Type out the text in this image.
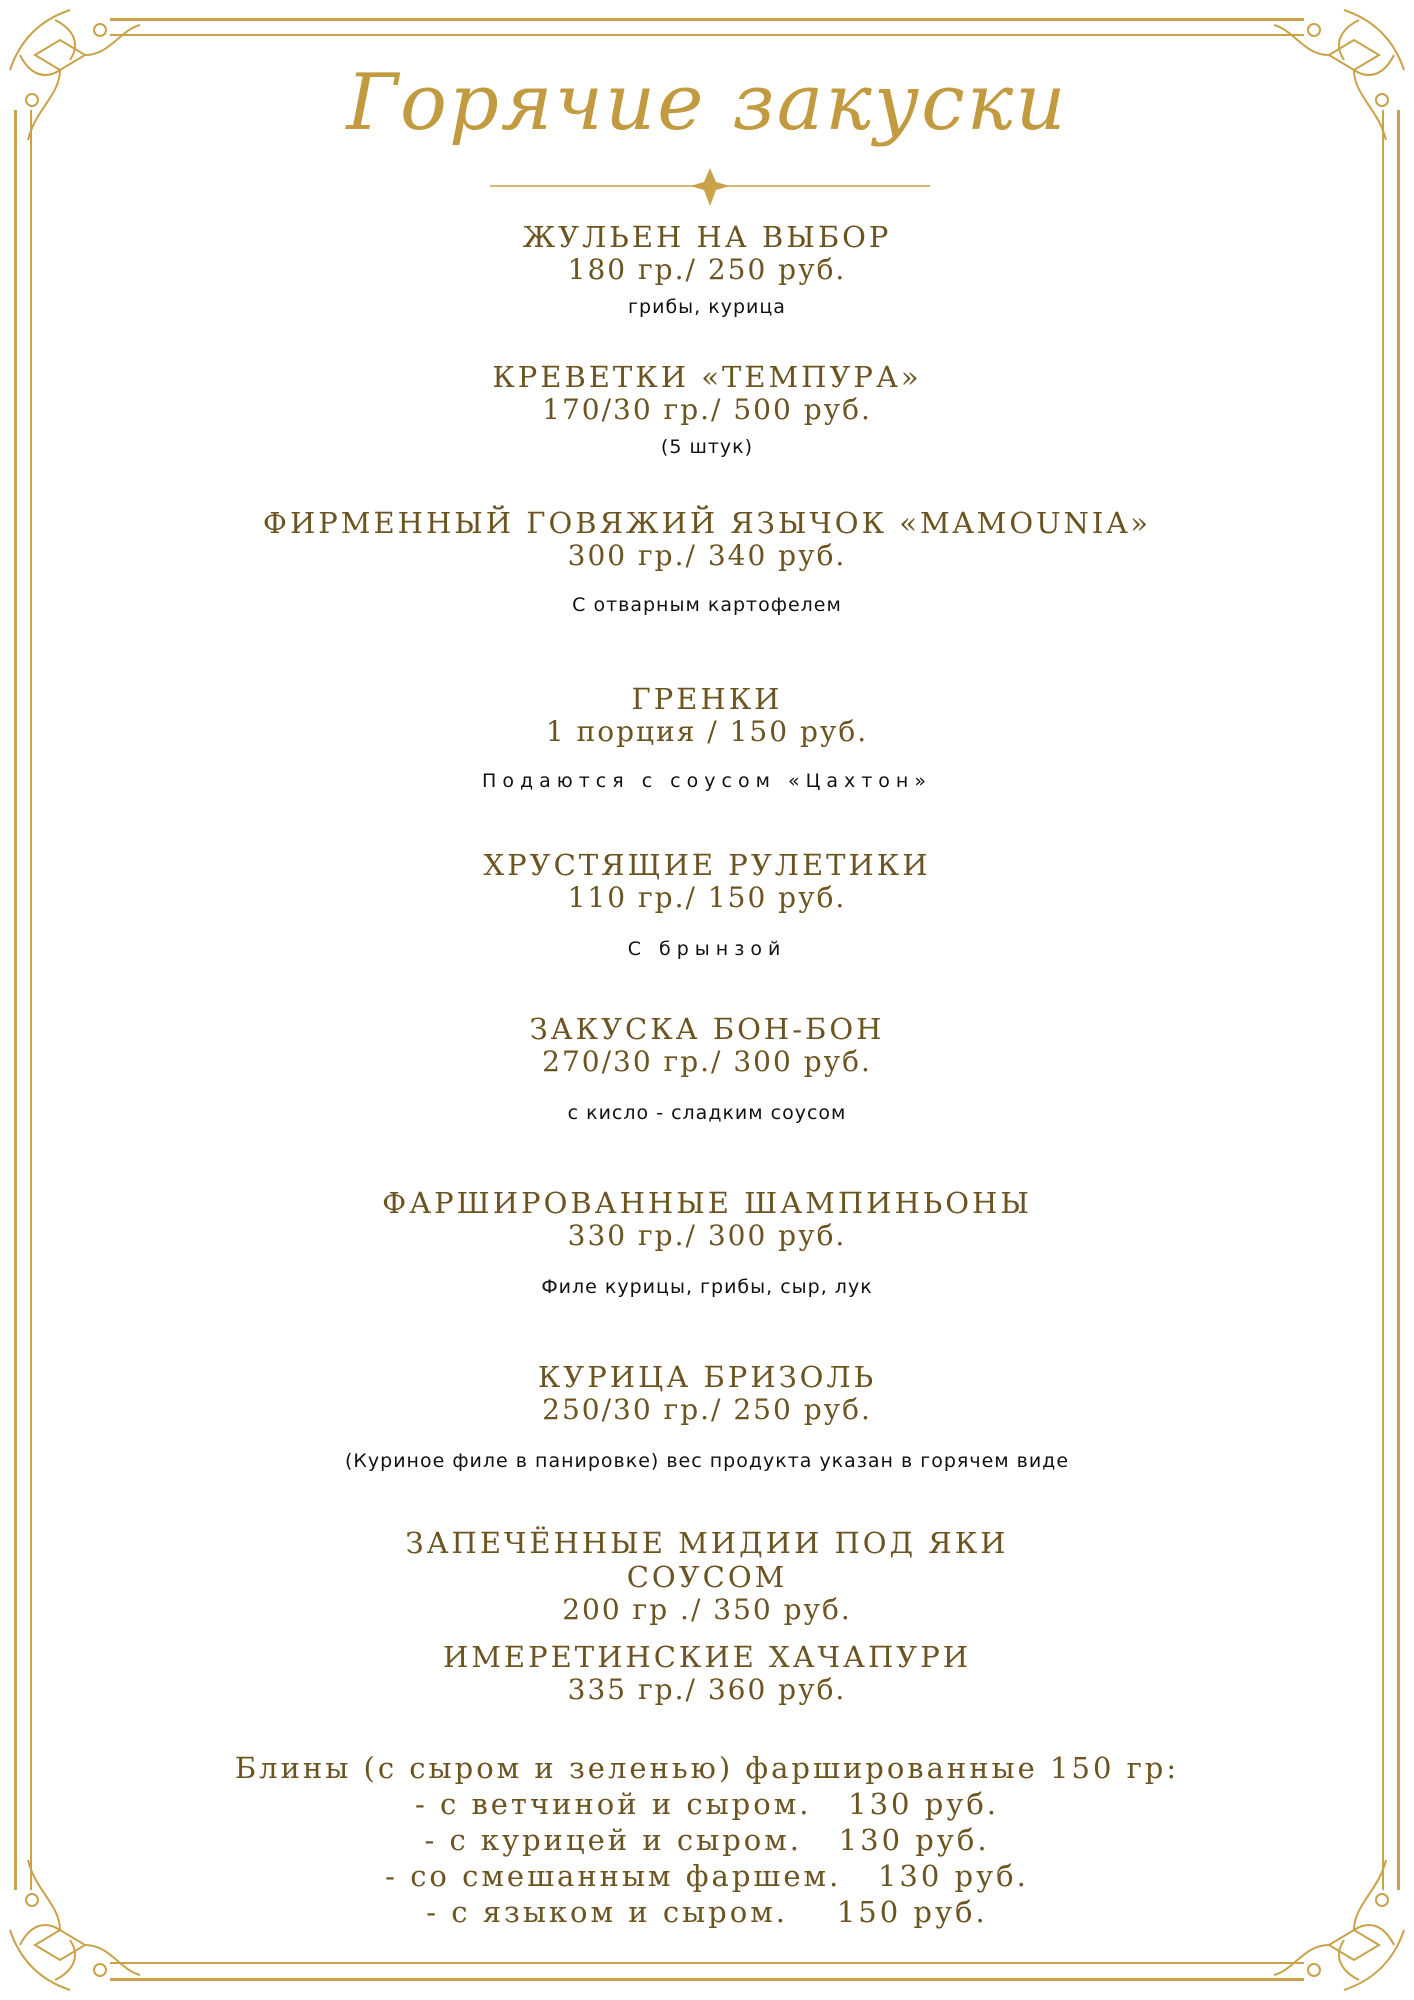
Горячие закуски
ЖУЛЬЕН НА ВЫБОР
180 гр./ 250 руб.
грибы, курица
КРЕВЕТКИ «ТЕМПУРА»
170/30 гр./ 500 руб.
(5 штук)
ФИРМЕННЫЙ ГОВЯЖИЙ ЯЗЫЧОК «MAMOUNIA»
300 гр./ 340 руб.
С отварным картофелем
ГРЕНКИ
1 порция / 150 руб.
Подаются с соусом «Цахтон»
ХРУСТЯЩИЕ РУЛЕТИКИ
110 гр./ 150 руб.
С брынзой
ЗАКУСКА БОН-БОН
270/30 гр./ 300 руб.
с кисло - сладким соусом
ФАРШИРОВАННЫЕ ШАМПИНЬОНЫ
330 гр./ 300 руб.
Филе курицы, грибы, сыр, лук
КУРИЦА БРИЗОЛЬ
250/30 гр./ 250 руб.
(Куриное филе в панировке) вес продукта указан в горячем виде
ЗАПЕЧЁННЫЕ МИДИИ ПОД ЯКИ
СОУСОМ
200 гр ./ 350 руб.
ИМЕРЕТИНСКИЕ ХАЧАПУРИ
335 гр./ 360 руб.
Блины (с сыром и зеленью) фаршированные 150 гр:
- с ветчиной и сыром.   130 руб.
- с курицей и сыром.   130 руб.
- со смешанным фаршем.   130 руб.
- с языком и сыром.    150 руб.
